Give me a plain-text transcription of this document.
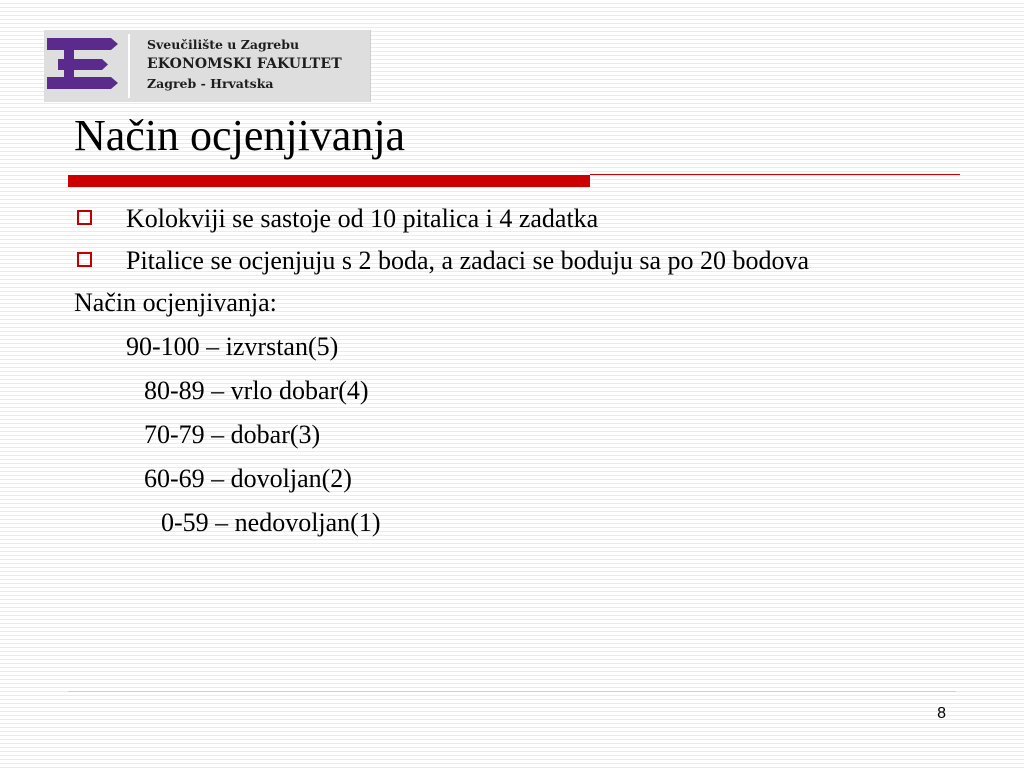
Sveučilište u Zagrebu
EKONOMSKI FAKULTET
Zagreb - Hrvatska
Način ocjenjivanja
Kolokviji se sastoje od 10 pitalica i 4 zadatka
Pitalice se ocjenjuju s 2 boda, a zadaci se boduju sa po 20 bodova
Način ocjenjivanja:
90-100 – izvrstan(5)
80-89 – vrlo dobar(4)
70-79 – dobar(3)
60-69 – dovoljan(2)
0-59 – nedovoljan(1)
8
